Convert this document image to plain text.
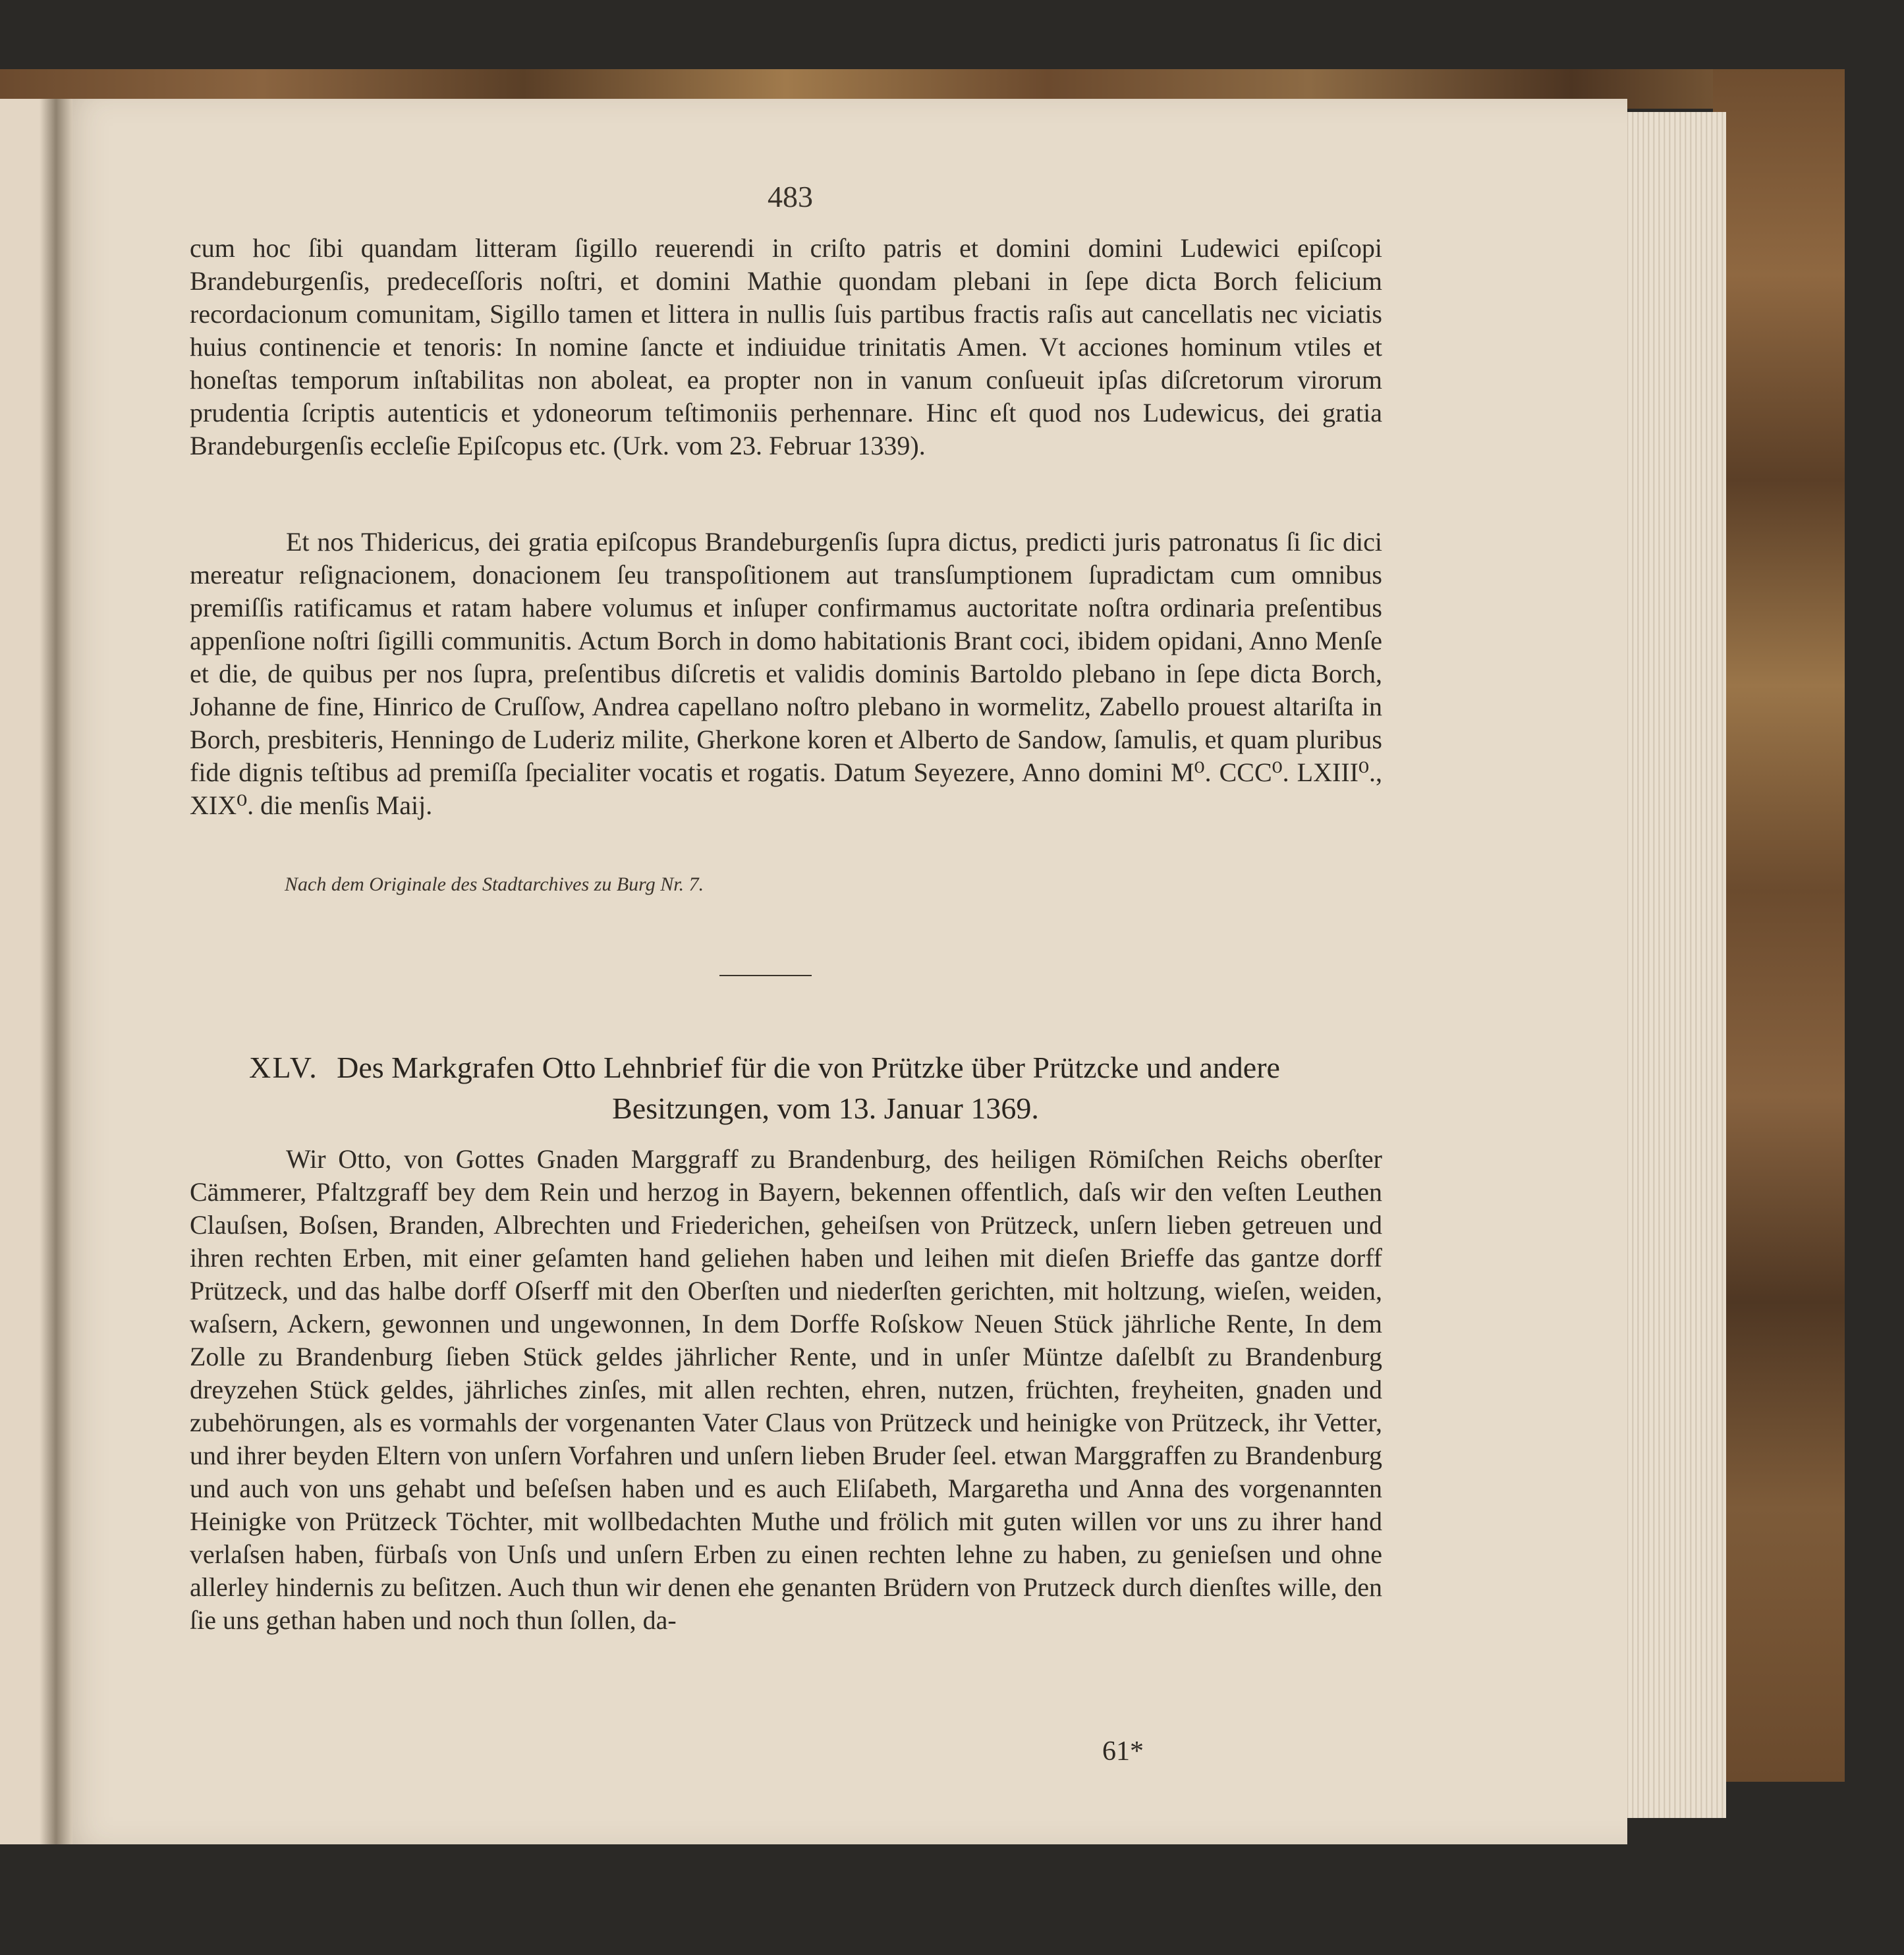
483
cum hoc ſibi quandam litteram ſigillo reuerendi in criſto patris et domini domini Ludewici epiſcopi Brandeburgenſis, predeceſſoris noſtri, et domini Mathie quondam plebani in ſepe dicta Borch felicium recordacionum comunitam, Sigillo tamen et littera in nullis ſuis partibus fractis raſis aut cancellatis nec viciatis huius continencie et tenoris: In nomine ſancte et indiuidue trinitatis Amen. Vt acciones hominum vtiles et honeſtas temporum inſtabilitas non aboleat, ea propter non in vanum conſueuit ipſas diſcretorum virorum prudentia ſcriptis autenticis et ydoneorum teſtimoniis perhennare. Hinc eſt quod nos Ludewicus, dei gratia Brandeburgenſis eccleſie Epiſcopus etc. (Urk. vom 23. Februar 1339).
Et nos Thidericus, dei gratia epiſcopus Brandeburgenſis ſupra dictus, predicti juris patronatus ſi ſic dici mereatur reſignacionem, donacionem ſeu transpoſitionem aut transſumptionem ſupradictam cum omnibus premiſſis ratificamus et ratam habere volumus et inſuper confirmamus auctoritate noſtra ordinaria preſentibus appenſione noſtri ſigilli communitis. Actum Borch in domo habitationis Brant coci, ibidem opidani, Anno Menſe et die, de quibus per nos ſupra, preſentibus diſcretis et validis dominis Bartoldo plebano in ſepe dicta Borch, Johanne de fine, Hinrico de Cruſſow, Andrea capellano noſtro plebano in wormelitz, Zabello prouest altariſta in Borch, presbiteris, Henningo de Luderiz milite, Gherkone koren et Alberto de Sandow, ſamulis, et quam pluribus fide dignis teſtibus ad premiſſa ſpecialiter vocatis et rogatis. Datum Seyezere, Anno domini M⁰. CCC⁰. LXIII⁰., XIX⁰. die menſis Maij.
Nach dem Originale des Stadtarchives zu Burg Nr. 7.
XLV. Des Markgrafen Otto Lehnbrief für die von Prützke über Prützcke und andere
Besitzungen, vom 13. Januar 1369.
Wir Otto, von Gottes Gnaden Marggraff zu Brandenburg, des heiligen Römiſchen Reichs oberſter Cämmerer, Pfaltzgraff bey dem Rein und herzog in Bayern, bekennen offentlich, daſs wir den veſten Leuthen Clauſsen, Boſsen, Branden, Albrechten und Friederichen, geheiſsen von Prützeck, unſern lieben getreuen und ihren rechten Erben, mit einer geſamten hand geliehen haben und leihen mit dieſen Brieffe das gantze dorff Prützeck, und das halbe dorff Oſserff mit den Oberſten und niederſten gerichten, mit holtzung, wieſen, weiden, waſsern, Ackern, gewonnen und ungewonnen, In dem Dorffe Roſskow Neuen Stück jährliche Rente, In dem Zolle zu Brandenburg ſieben Stück geldes jährlicher Rente, und in unſer Müntze daſelbſt zu Brandenburg dreyzehen Stück geldes, jährliches zinſes, mit allen rechten, ehren, nutzen, früchten, freyheiten, gnaden und zubehörungen, als es vormahls der vorgenanten Vater Claus von Prützeck und heinigke von Prützeck, ihr Vetter, und ihrer beyden Eltern von unſern Vorfahren und unſern lieben Bruder ſeel. etwan Marggraffen zu Brandenburg und auch von uns gehabt und beſeſsen haben und es auch Eliſabeth, Margaretha und Anna des vorgenannten Heinigke von Prützeck Töchter, mit wollbedachten Muthe und frölich mit guten willen vor uns zu ihrer hand verlaſsen haben, fürbaſs von Unſs und unſern Erben zu einen rechten lehne zu haben, zu genieſsen und ohne allerley hindernis zu beſitzen. Auch thun wir denen ehe genanten Brüdern von Prutzeck durch dienſtes wille, den ſie uns gethan haben und noch thun ſollen, da-
61*
